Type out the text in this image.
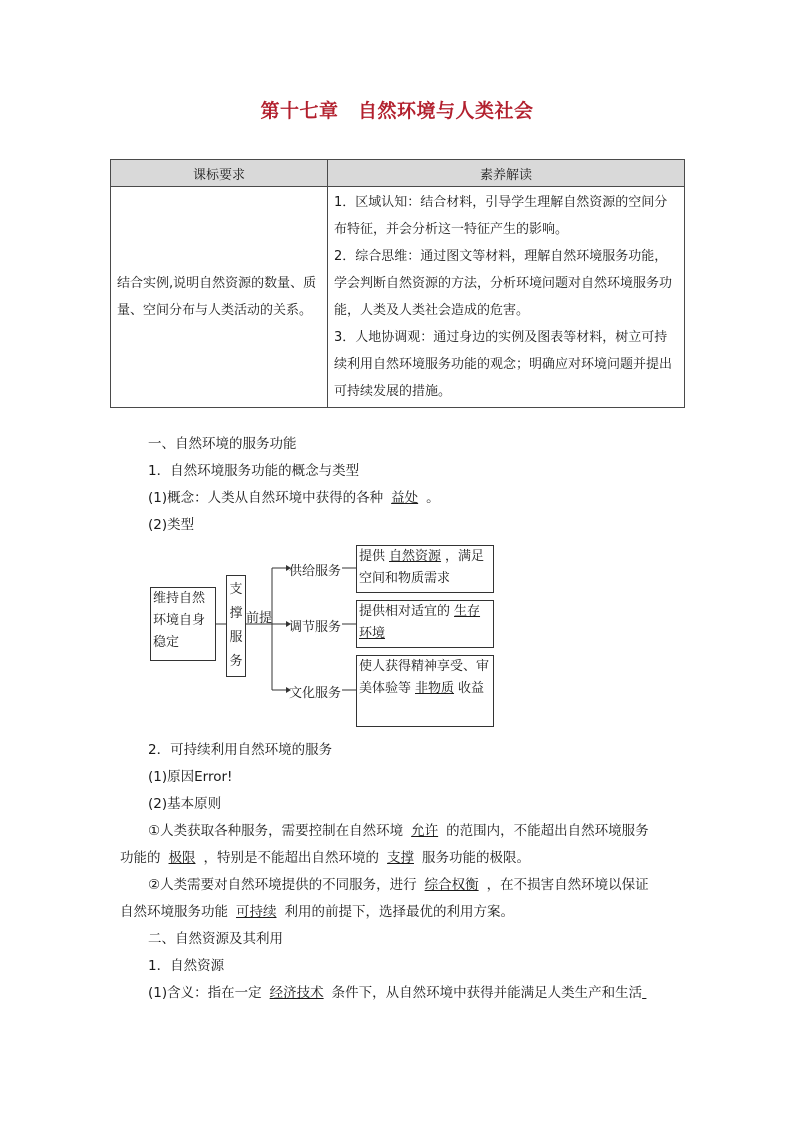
第十七章　自然环境与人类社会
课标要求	素养解读
结合实例,说明自然资源的数量、质量、空间分布与人类活动的关系。	1．区域认知：结合材料，引导学生理解自然资源的空间分布特征，并会分析这一特征产生的影响。
2．综合思维：通过图文等材料，理解自然环境服务功能，学会判断自然资源的方法，分析环境问题对自然环境服务功能，人类及人类社会造成的危害。
3．人地协调观：通过身边的实例及图表等材料，树立可持续利用自然环境服务功能的观念；明确应对环境问题并提出可持续发展的措施。
一、自然环境的服务功能
1．自然环境服务功能的概念与类型
(1)概念：人类从自然环境中获得的各种 益处 。
(2)类型
维持自然环境自身稳定
支撑服务
前提
供给服务
调节服务
文化服务
提供 自然资源 ，满足空间和物质需求
提供相对适宜的 生存环境
使人获得精神享受、审美体验等 非物质 收益
2．可持续利用自然环境的服务
(1)原因Error!
(2)基本原则
①人类获取各种服务，需要控制在自然环境 允许 的范围内，不能超出自然环境服务
功能的 极限 ，特别是不能超出自然环境的 支撑 服务功能的极限。
②人类需要对自然环境提供的不同服务，进行 综合权衡 ，在不损害自然环境以保证
自然环境服务功能 可持续 利用的前提下，选择最优的利用方案。
二、自然资源及其利用
1．自然资源
(1)含义：指在一定 经济技术 条件下，从自然环境中获得并能满足人类生产和生活
